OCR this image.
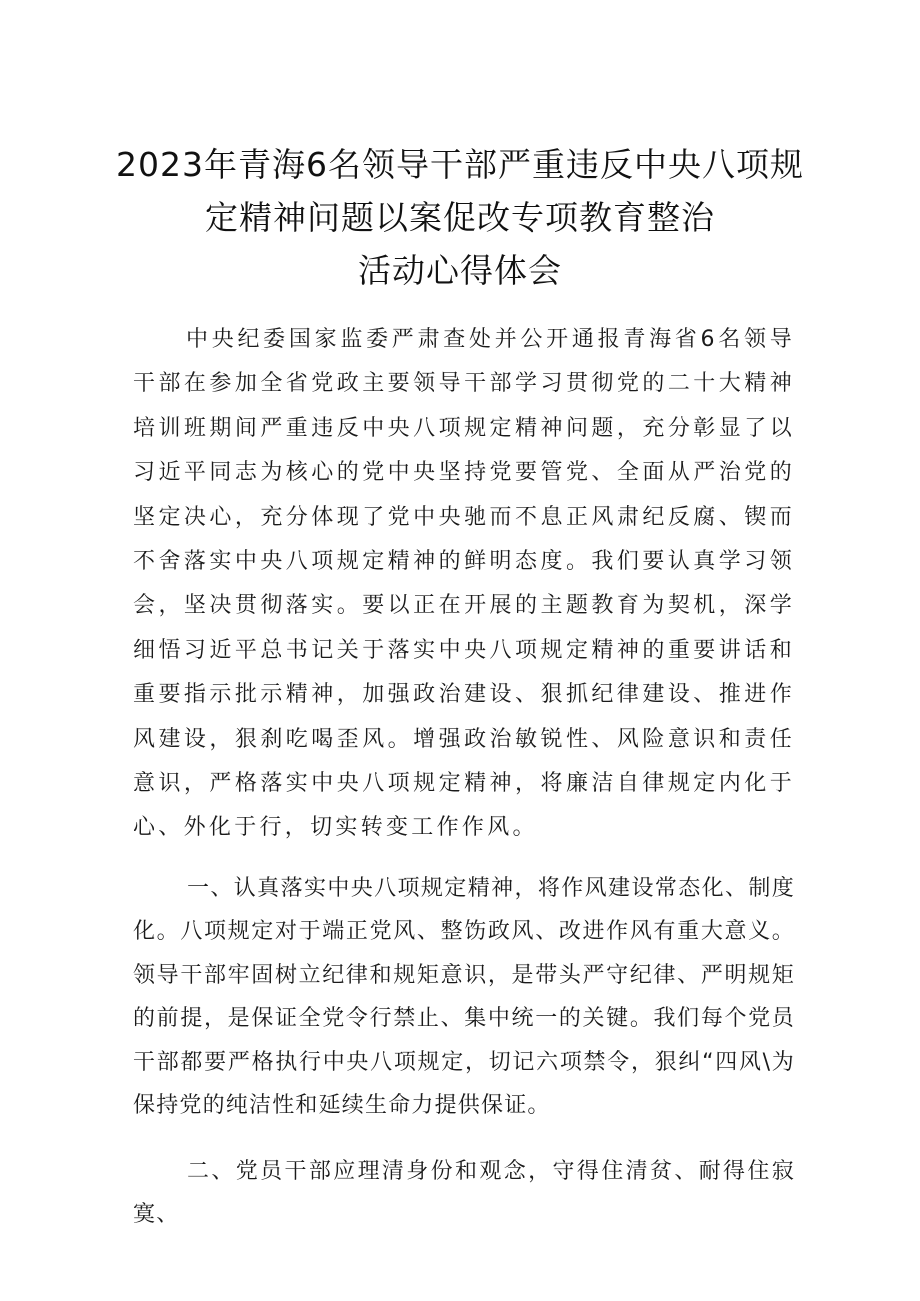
2023年青海6名领导干部严重违反中央八项规
定精神问题以案促改专项教育整治
活动心得体会

中央纪委国家监委严肃查处并公开通报青海省6名领导干部在参加全省党政主要领导干部学习贯彻党的二十大精神培训班期间严重违反中央八项规定精神问题，充分彰显了以习近平同志为核心的党中央坚持党要管党、全面从严治党的坚定决心，充分体现了党中央驰而不息正风肃纪反腐、锲而不舍落实中央八项规定精神的鲜明态度。我们要认真学习领会，坚决贯彻落实。要以正在开展的主题教育为契机，深学细悟习近平总书记关于落实中央八项规定精神的重要讲话和重要指示批示精神，加强政治建设、狠抓纪律建设、推进作风建设，狠刹吃喝歪风。增强政治敏锐性、风险意识和责任意识，严格落实中央八项规定精神，将廉洁自律规定内化于心、外化于行，切实转变工作作风。

一、认真落实中央八项规定精神，将作风建设常态化、制度化。八项规定对于端正党风、整饬政风、改进作风有重大意义。领导干部牢固树立纪律和规矩意识，是带头严守纪律、严明规矩的前提，是保证全党令行禁止、集中统一的关键。我们每个党员干部都要严格执行中央八项规定，切记六项禁令，狠纠“四风\为保持党的纯洁性和延续生命力提供保证。

二、党员干部应理清身份和观念，守得住清贫、耐得住寂寞、
